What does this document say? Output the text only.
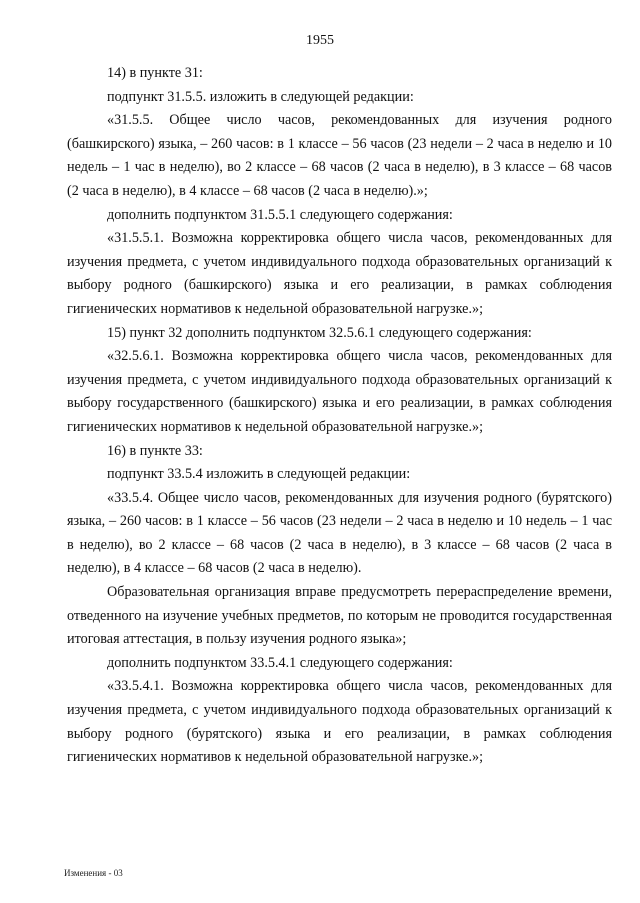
1955

14) в пункте 31:

подпункт 31.5.5. изложить в следующей редакции:

«31.5.5. Общее число часов, рекомендованных для изучения родного (башкирского) языка, – 260 часов: в 1 классе – 56 часов (23 недели – 2 часа в неделю и 10 недель – 1 час в неделю), во 2 классе – 68 часов (2 часа в неделю), в 3 классе – 68 часов (2 часа в неделю), в 4 классе – 68 часов (2 часа в неделю).»;

дополнить подпунктом 31.5.5.1 следующего содержания:

«31.5.5.1. Возможна корректировка общего числа часов, рекомендованных для изучения предмета, с учетом индивидуального подхода образовательных организаций к выбору родного (башкирского) языка и его реализации, в рамках соблюдения гигиенических нормативов к недельной образовательной нагрузке.»;

15) пункт 32 дополнить подпунктом 32.5.6.1 следующего содержания:

«32.5.6.1. Возможна корректировка общего числа часов, рекомендованных для изучения предмета, с учетом индивидуального подхода образовательных организаций к выбору государственного (башкирского) языка и его реализации, в рамках соблюдения гигиенических нормативов к недельной образовательной нагрузке.»;

16) в пункте 33:

подпункт 33.5.4 изложить в следующей редакции:

«33.5.4. Общее число часов, рекомендованных для изучения родного (бурятского) языка, – 260 часов: в 1 классе – 56 часов (23 недели – 2 часа в неделю и 10 недель – 1 час в неделю), во 2 классе – 68 часов (2 часа в неделю), в 3 классе – 68 часов (2 часа в неделю), в 4 классе – 68 часов (2 часа в неделю).

Образовательная организация вправе предусмотреть перераспределение времени, отведенного на изучение учебных предметов, по которым не проводится государственная итоговая аттестация, в пользу изучения родного языка»;

дополнить подпунктом 33.5.4.1 следующего содержания:

«33.5.4.1. Возможна корректировка общего числа часов, рекомендованных для изучения предмета, с учетом индивидуального подхода образовательных организаций к выбору родного (бурятского) языка и его реализации, в рамках соблюдения гигиенических нормативов к недельной образовательной нагрузке.»;

Изменения - 03
